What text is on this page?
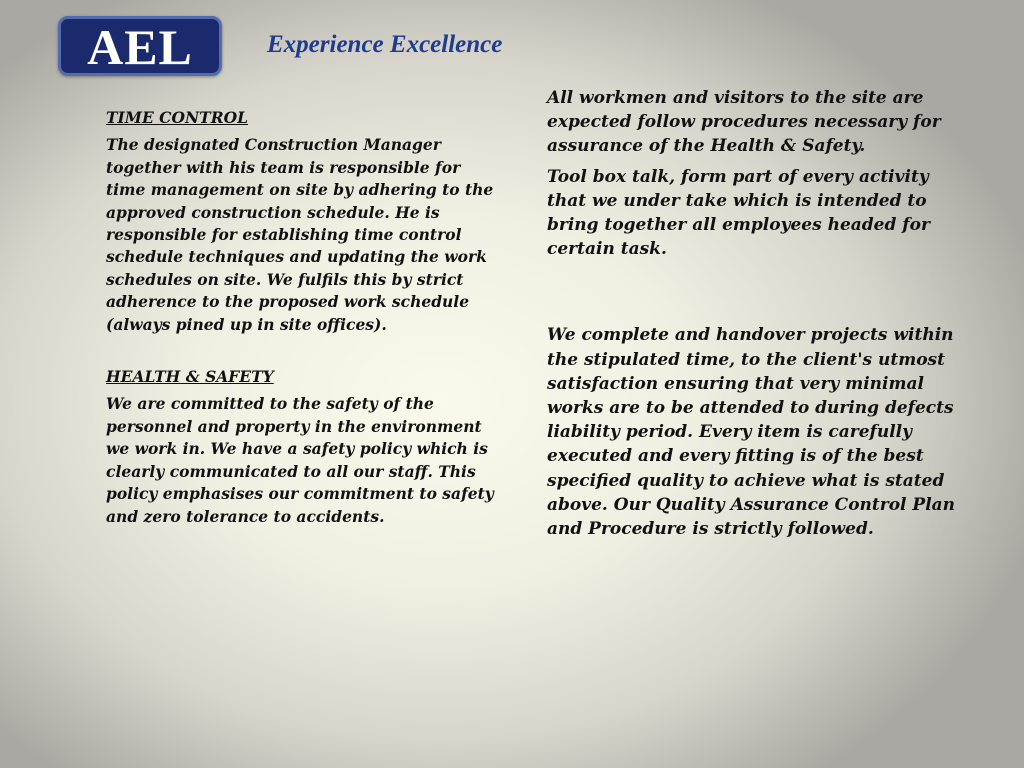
AEL	Experience Excellence
TIME CONTROL

The designated Construction Manager together with his team is responsible for time management on site by adhering to the approved construction schedule. He is responsible for establishing time control schedule techniques and updating the work schedules on site. We fulfils this by strict adherence to the proposed work schedule (always pined up in site offices).

HEALTH & SAFETY

We are committed to the safety of the personnel and property in the environment we work in. We have a safety policy which is clearly communicated to all our staff. This policy emphasises our commitment to safety and zero tolerance to accidents.

All workmen and visitors to the site are expected follow procedures necessary for assurance of the Health & Safety.

Tool box talk, form part of every activity that we under take which is intended to bring together all employees headed for certain task.

We complete and handover projects within the stipulated time, to the client's utmost satisfaction ensuring that very minimal works are to be attended to during defects liability period. Every item is carefully executed and every fitting is of the best specified quality to achieve what is stated above. Our Quality Assurance Control Plan and Procedure is strictly followed.
